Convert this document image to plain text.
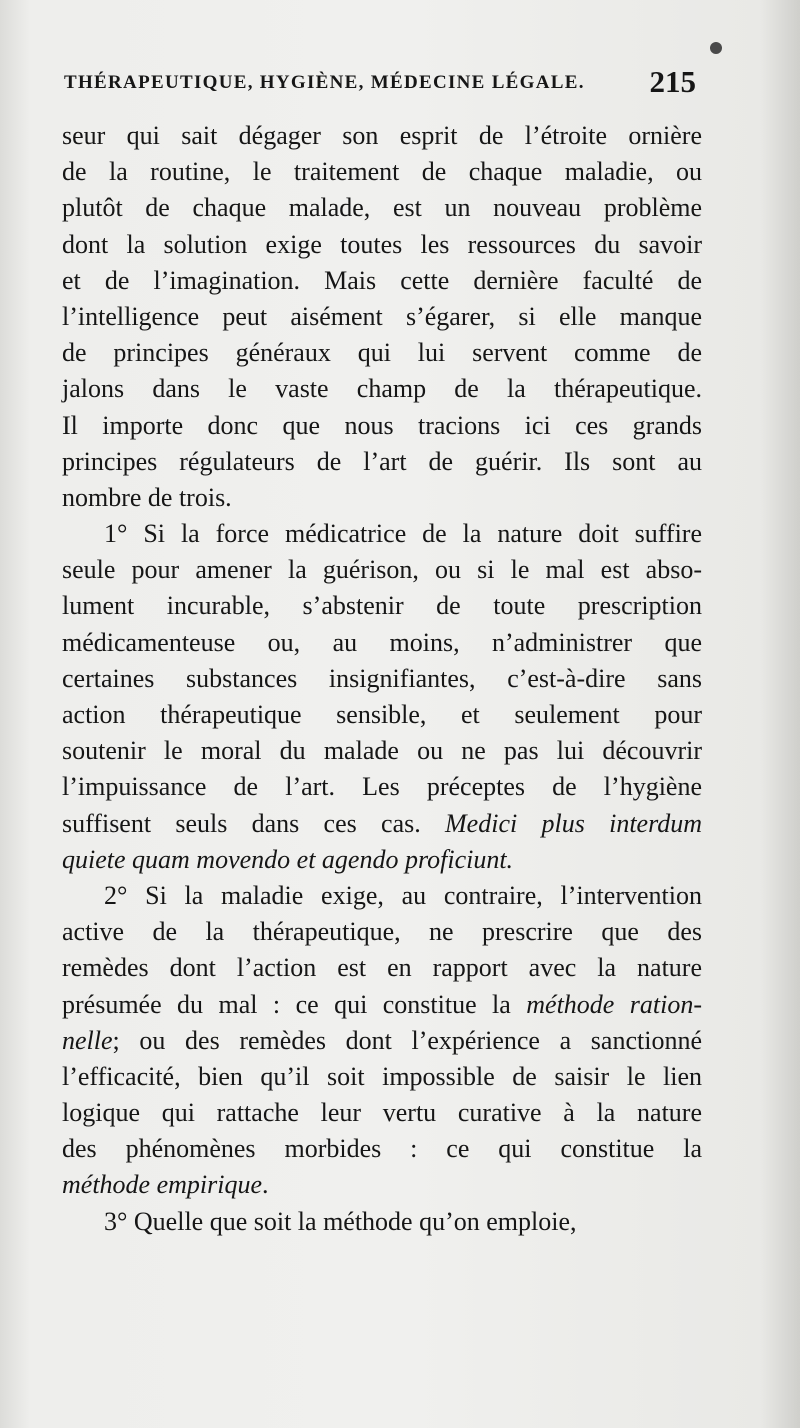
THÉRAPEUTIQUE, HYGIÈNE, MÉDECINE LÉGALE. 215
seur qui sait dégager son esprit de l’étroite ornière
de la routine, le traitement de chaque maladie, ou
plutôt de chaque malade, est un nouveau problème
dont la solution exige toutes les ressources du savoir
et de l’imagination. Mais cette dernière faculté de
l’intelligence peut aisément s’égarer, si elle manque
de principes généraux qui lui servent comme de
jalons dans le vaste champ de la thérapeutique.
Il importe donc que nous tracions ici ces grands
principes régulateurs de l’art de guérir. Ils sont au
nombre de trois.
1° Si la force médicatrice de la nature doit suffire
seule pour amener la guérison, ou si le mal est abso-
lument incurable, s’abstenir de toute prescription
médicamenteuse ou, au moins, n’administrer que
certaines substances insignifiantes, c’est-à-dire sans
action thérapeutique sensible, et seulement pour
soutenir le moral du malade ou ne pas lui découvrir
l’impuissance de l’art. Les préceptes de l’hygiène
suffisent seuls dans ces cas. Medici plus interdum
quiete quam movendo et agendo proficiunt.
2° Si la maladie exige, au contraire, l’intervention
active de la thérapeutique, ne prescrire que des
remèdes dont l’action est en rapport avec la nature
présumée du mal : ce qui constitue la méthode ration-
nelle; ou des remèdes dont l’expérience a sanctionné
l’efficacité, bien qu’il soit impossible de saisir le lien
logique qui rattache leur vertu curative à la nature
des phénomènes morbides : ce qui constitue la
méthode empirique.
3° Quelle que soit la méthode qu’on emploie,
